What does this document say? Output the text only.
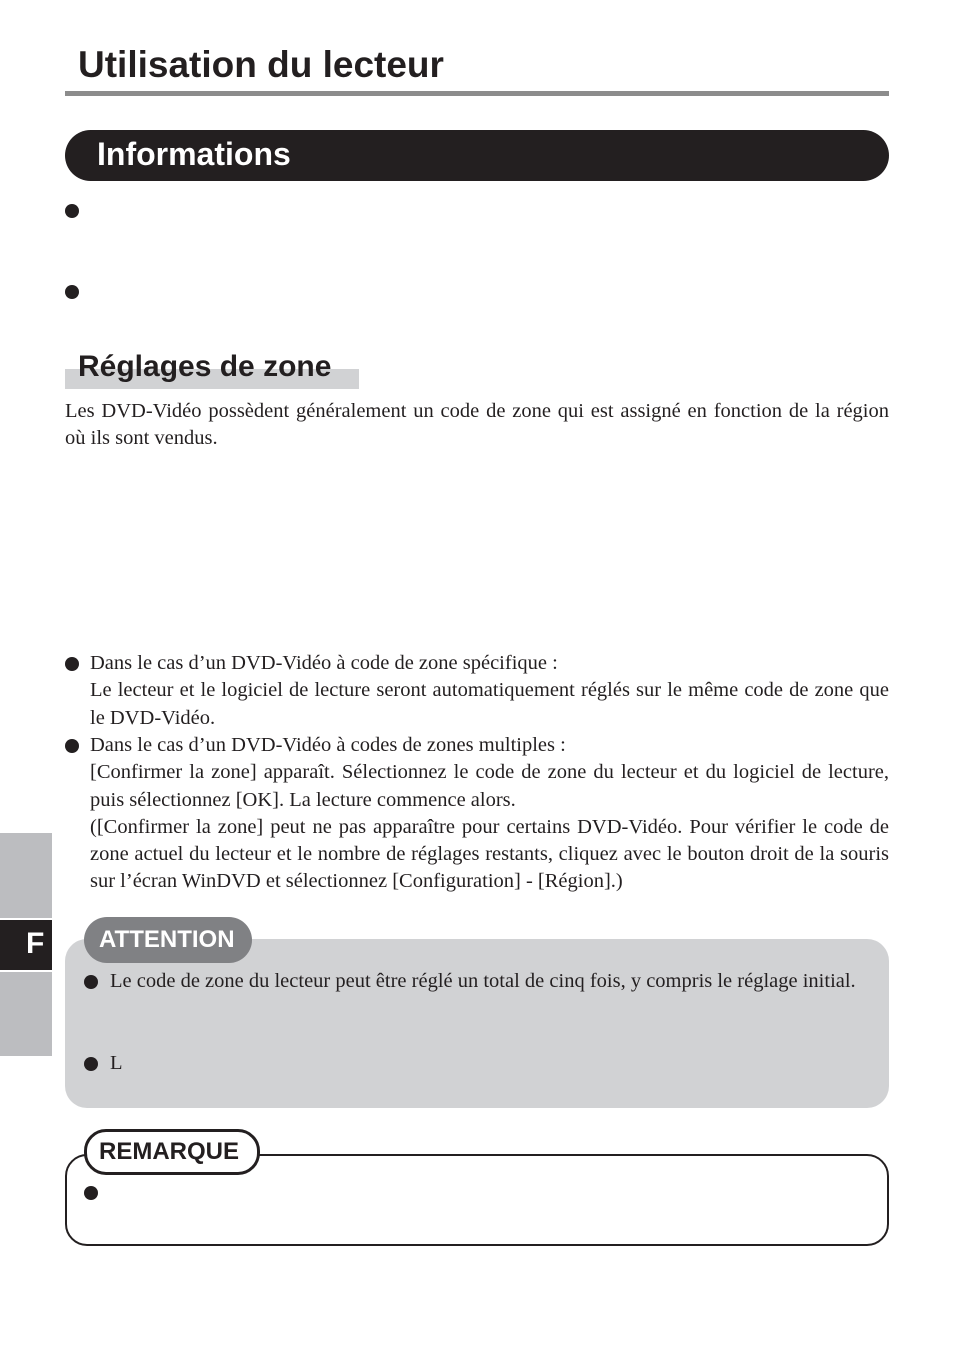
Utilisation du lecteur
Informations
Réglages de zone
Les DVD-Vidéo possèdent généralement un code de zone qui est assigné en fonction de la région où ils sont vendus.

Dans le cas d’un DVD-Vidéo à code de zone spécifique :

Le lecteur et le logiciel de lecture seront automatiquement réglés sur le même code de zone que le DVD-Vidéo.

Dans le cas d’un DVD-Vidéo à codes de zones multiples :

[Confirmer la zone] apparaît. Sélectionnez le code de zone du lecteur et du logiciel de lecture, puis sélectionnez [OK]. La lecture commence alors.

([Confirmer la zone] peut ne pas apparaître pour certains DVD-Vidéo. Pour vérifier le code de zone actuel du lecteur et le nombre de réglages restants, cliquez avec le bouton droit de la souris sur l’écran WinDVD et sélectionnez [Configuration] - [Région].)

F ATTENTION
Le code de zone du lecteur peut être réglé un total de cinq fois, y compris le réglage initial.
L
REMARQUE
